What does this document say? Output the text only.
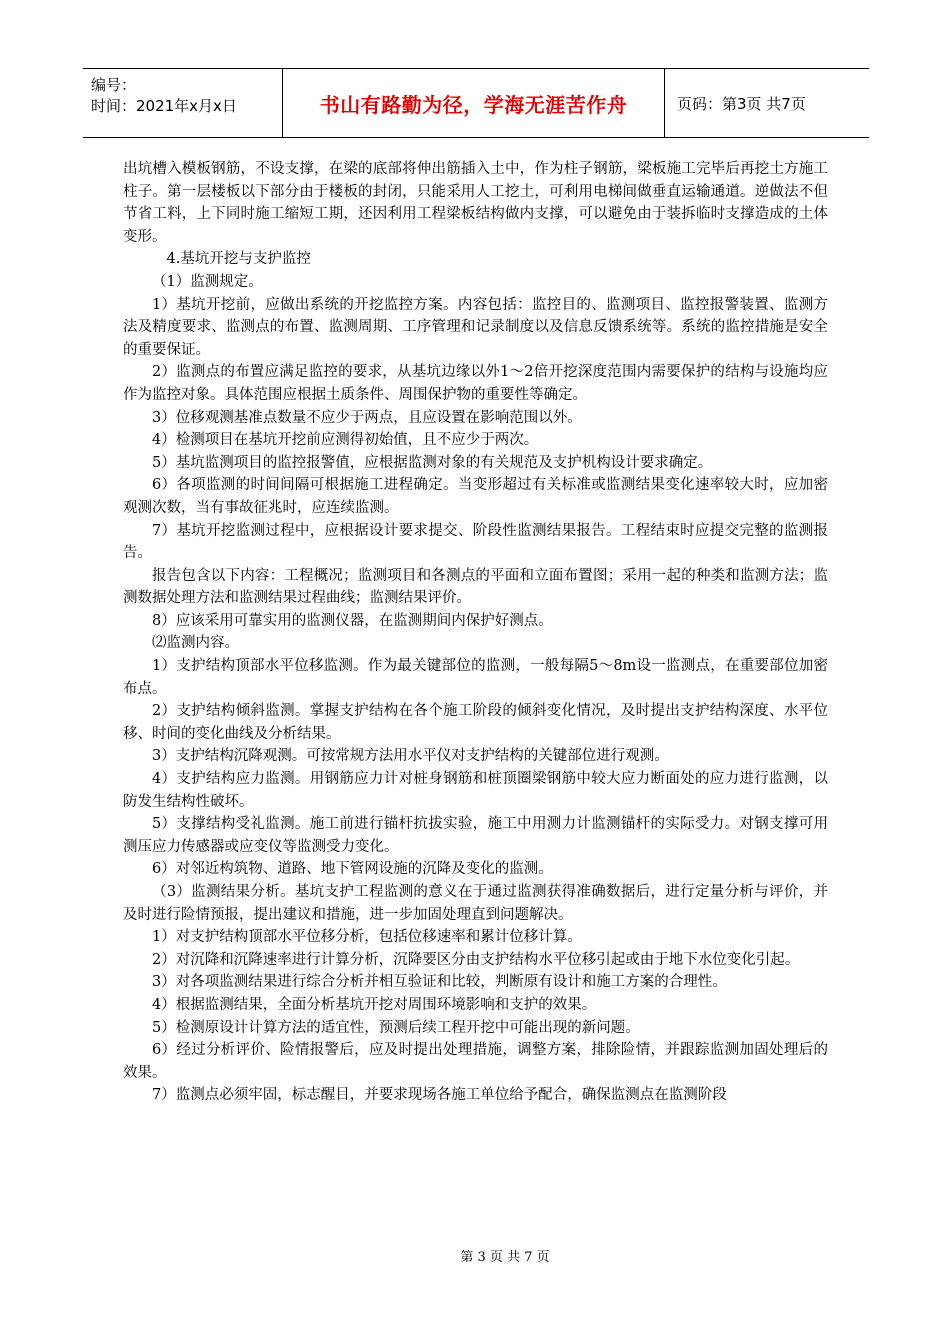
编号：
时间：2021年x月x日	书山有路勤为径，学海无涯苦作舟	页码：第3页 共7页

出坑槽入模板钢筋，不设支撑，在梁的底部将伸出筋插入土中，作为柱子钢筋，梁板施工完毕后再挖土方施工柱子。第一层楼板以下部分由于楼板的封闭，只能采用人工挖土，可利用电梯间做垂直运输通道。逆做法不但节省工料，上下同时施工缩短工期，还因利用工程梁板结构做内支撑，可以避免由于装拆临时支撑造成的土体变形。

4.基坑开挖与支护监控

（1）监测规定。

1）基坑开挖前，应做出系统的开挖监控方案。内容包括：监控目的、监测项目、监控报警装置、监测方法及精度要求、监测点的布置、监测周期、工序管理和记录制度以及信息反馈系统等。系统的监控措施是安全的重要保证。

2）监测点的布置应满足监控的要求，从基坑边缘以外1～2倍开挖深度范围内需要保护的结构与设施均应作为监控对象。具体范围应根据土质条件、周围保护物的重要性等确定。

3）位移观测基准点数量不应少于两点，且应设置在影响范围以外。

4）检测项目在基坑开挖前应测得初始值，且不应少于两次。

5）基坑监测项目的监控报警值，应根据监测对象的有关规范及支护机构设计要求确定。

6）各项监测的时间间隔可根据施工进程确定。当变形超过有关标准或监测结果变化速率较大时，应加密观测次数，当有事故征兆时，应连续监测。

7）基坑开挖监测过程中，应根据设计要求提交、阶段性监测结果报告。工程结束时应提交完整的监测报告。

报告包含以下内容：工程概况；监测项目和各测点的平面和立面布置图；采用一起的种类和监测方法；监测数据处理方法和监测结果过程曲线；监测结果评价。

8）应该采用可靠实用的监测仪器，在监测期间内保护好测点。

⑵监测内容。

1）支护结构顶部水平位移监测。作为最关键部位的监测，一般每隔5～8m设一监测点，在重要部位加密布点。

2）支护结构倾斜监测。掌握支护结构在各个施工阶段的倾斜变化情况，及时提出支护结构深度、水平位移、时间的变化曲线及分析结果。

3）支护结构沉降观测。可按常规方法用水平仪对支护结构的关键部位进行观测。

4）支护结构应力监测。用钢筋应力计对桩身钢筋和桩顶圈梁钢筋中较大应力断面处的应力进行监测，以防发生结构性破坏。

5）支撑结构受礼监测。施工前进行锚杆抗拔实验，施工中用测力计监测锚杆的实际受力。对钢支撑可用测压应力传感器或应变仪等监测受力变化。

6）对邻近构筑物、道路、地下管网设施的沉降及变化的监测。

（3）监测结果分析。基坑支护工程监测的意义在于通过监测获得准确数据后，进行定量分析与评价，并及时进行险情预报，提出建议和措施，进一步加固处理直到问题解决。

1）对支护结构顶部水平位移分析，包括位移速率和累计位移计算。

2）对沉降和沉降速率进行计算分析，沉降要区分由支护结构水平位移引起或由于地下水位变化引起。

3）对各项监测结果进行综合分析并相互验证和比较，判断原有设计和施工方案的合理性。

4）根据监测结果，全面分析基坑开挖对周围环境影响和支护的效果。

5）检测原设计计算方法的适宜性，预测后续工程开挖中可能出现的新问题。

6）经过分析评价、险情报警后，应及时提出处理措施，调整方案，排除险情，并跟踪监测加固处理后的效果。

7）监测点必须牢固，标志醒目，并要求现场各施工单位给予配合，确保监测点在监测阶段

第 3 页 共 7 页
